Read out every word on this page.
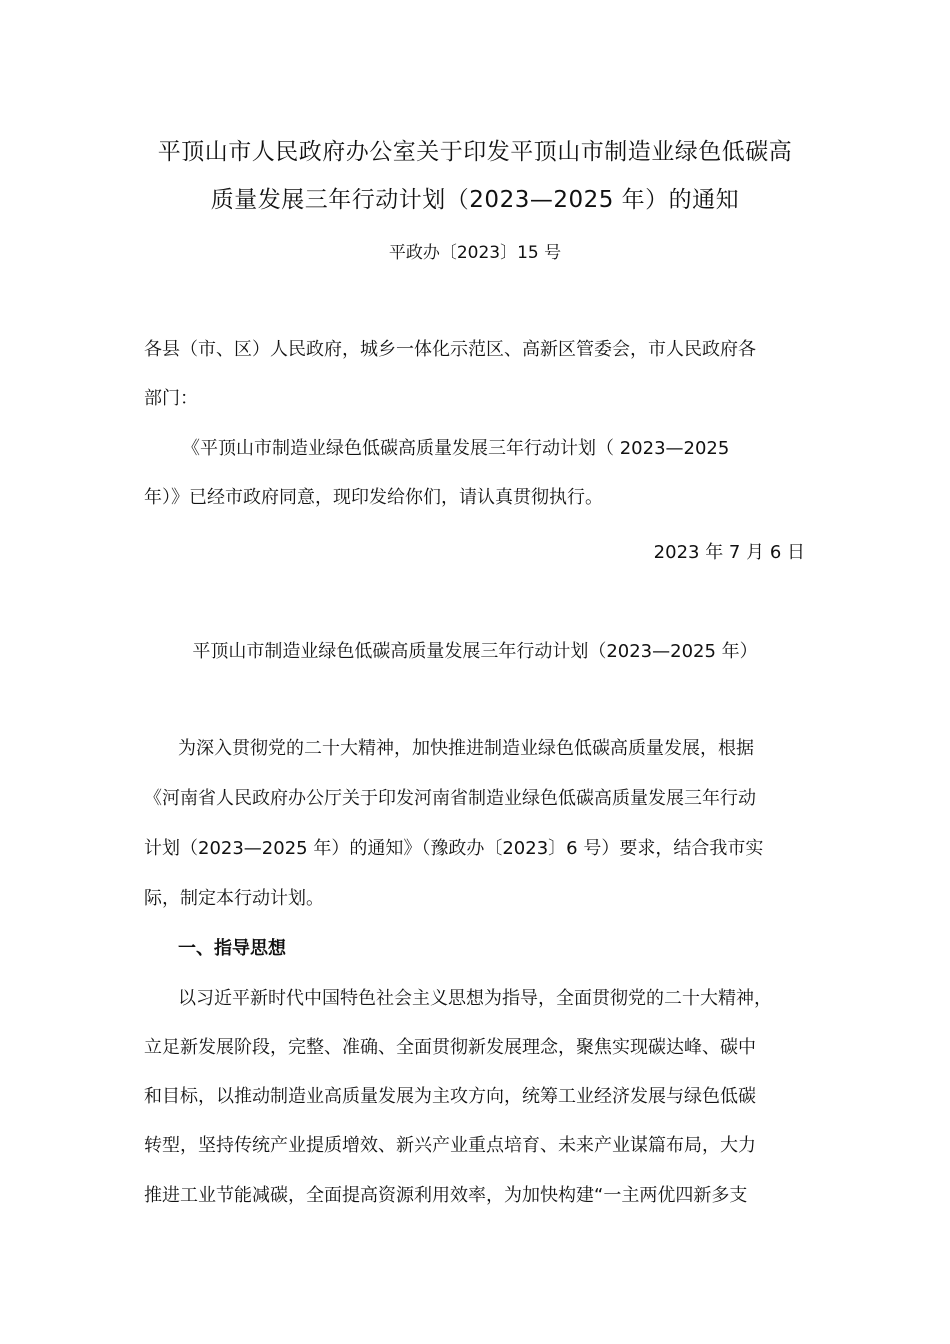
平顶山市人民政府办公室关于印发平顶山市制造业绿色低碳高
质量发展三年行动计划（2023—2025 年）的通知
平政办〔2023〕15 号
各县（市、区）人民政府，城乡一体化示范区、高新区管委会，市人民政府各
部门：
《平顶山市制造业绿色低碳高质量发展三年行动计划（ 2023—2025
年）》已经市政府同意，现印发给你们，请认真贯彻执行。
2023 年 7 月 6 日
平顶山市制造业绿色低碳高质量发展三年行动计划（2023—2025 年）
为深入贯彻党的二十大精神，加快推进制造业绿色低碳高质量发展，根据
《河南省人民政府办公厅关于印发河南省制造业绿色低碳高质量发展三年行动
计划（2023—2025 年）的通知》（豫政办〔2023〕6 号）要求，结合我市实
际，制定本行动计划。
一、指导思想
以习近平新时代中国特色社会主义思想为指导，全面贯彻党的二十大精神，
立足新发展阶段，完整、准确、全面贯彻新发展理念，聚焦实现碳达峰、碳中
和目标，以推动制造业高质量发展为主攻方向，统筹工业经济发展与绿色低碳
转型，坚持传统产业提质增效、新兴产业重点培育、未来产业谋篇布局，大力
推进工业节能减碳，全面提高资源利用效率，为加快构建“一主两优四新多支
